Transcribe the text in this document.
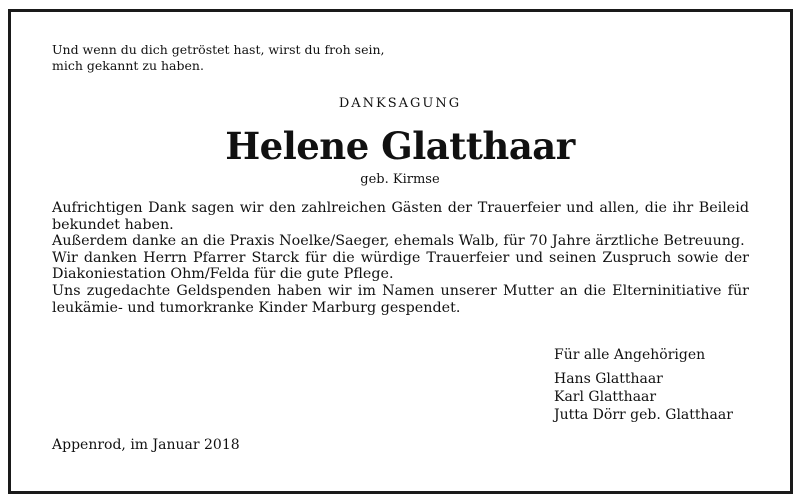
Und wenn du dich getröstet hast, wirst du froh sein,
mich gekannt zu haben.
DANKSAGUNG
Helene Glatthaar
geb. Kirmse

Aufrichtigen Dank sagen wir den zahlreichen Gästen der Trauerfeier und allen, die ihr Beileid bekundet haben.

Außerdem danke an die Praxis Noelke/Saeger, ehemals Walb, für 70 Jahre ärztliche Betreuung.

Wir danken Herrn Pfarrer Starck für die würdige Trauerfeier und seinen Zuspruch sowie der Diakoniestation Ohm/Felda für die gute Pflege.

Uns zugedachte Geldspenden haben wir im Namen unserer Mutter an die Elterninitiative für leukämie- und tumorkranke Kinder Marburg gespendet.

Für alle Angehörigen
Hans Glatthaar
Karl Glatthaar
Jutta Dörr geb. Glatthaar
Appenrod, im Januar 2018
